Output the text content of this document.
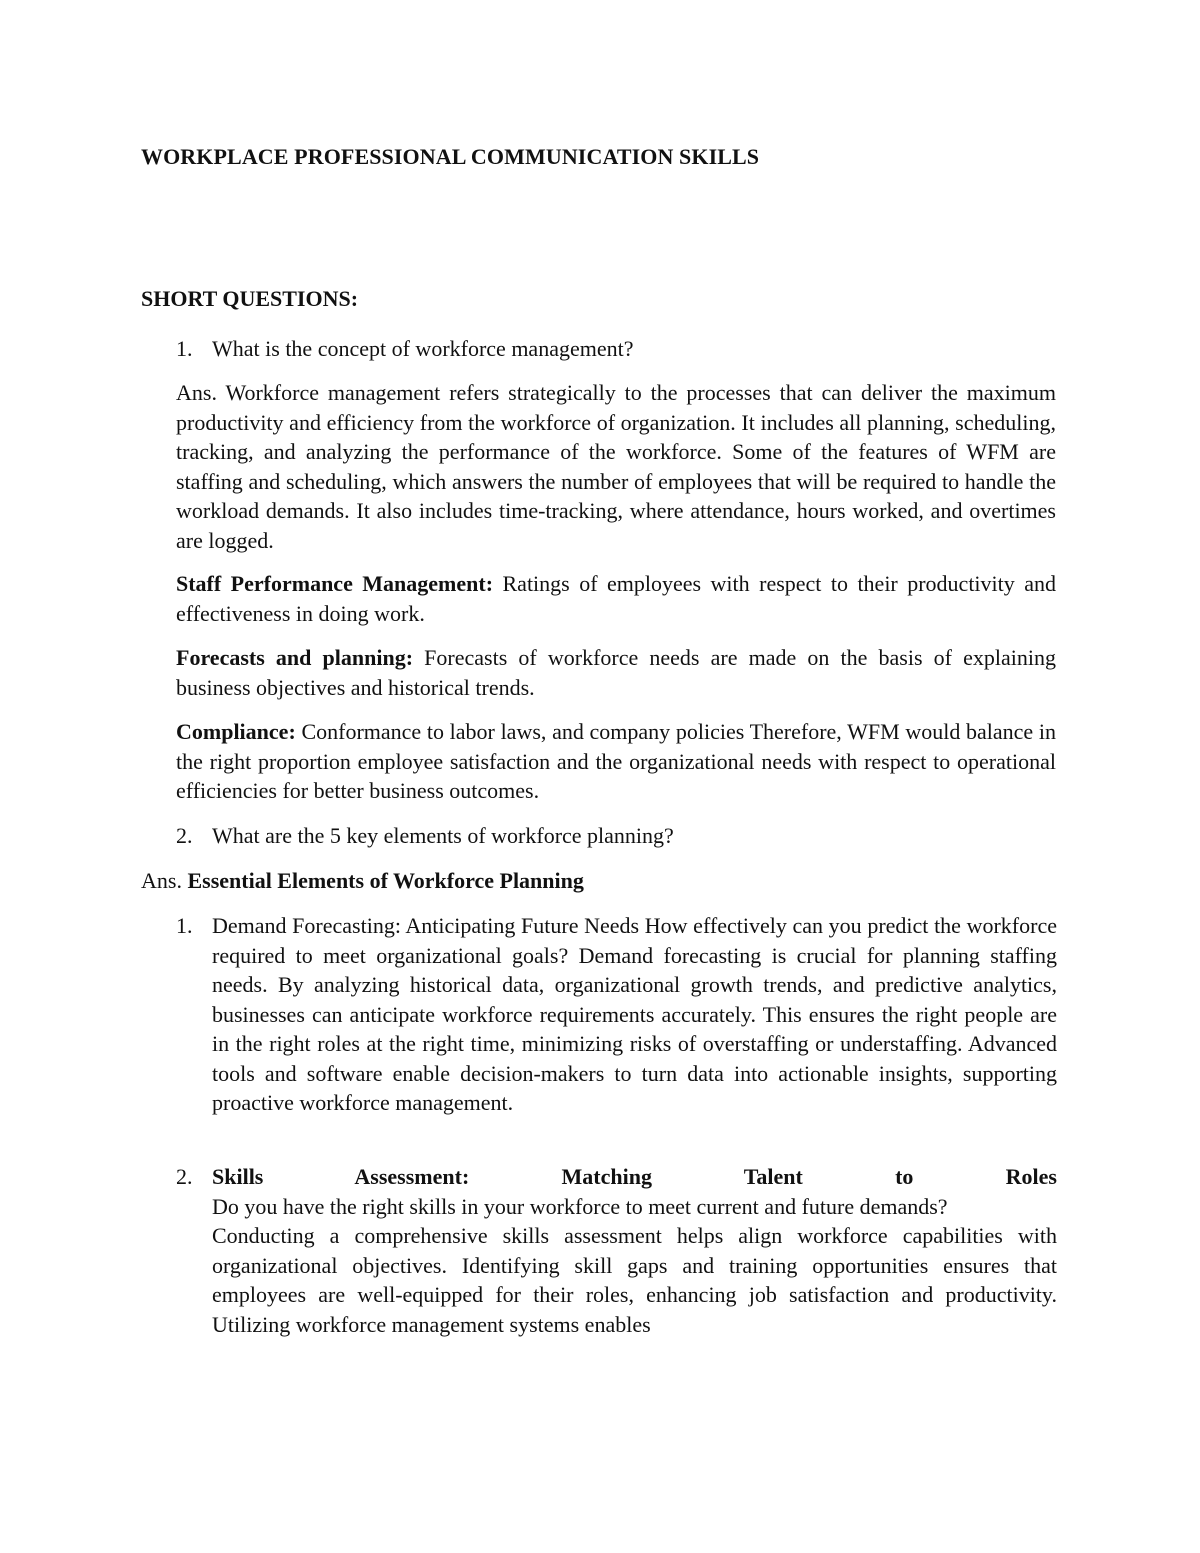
WORKPLACE PROFESSIONAL COMMUNICATION SKILLS
SHORT QUESTIONS:
1. What is the concept of workforce management?

Ans. Workforce management refers strategically to the processes that can deliver the maximum productivity and efficiency from the workforce of organization. It includes all planning, scheduling, tracking, and analyzing the performance of the workforce. Some of the features of WFM are staffing and scheduling, which answers the number of employees that will be required to handle the workload demands. It also includes time-tracking, where attendance, hours worked, and overtimes are logged.

Staff Performance Management: Ratings of employees with respect to their productivity and effectiveness in doing work.

Forecasts and planning: Forecasts of workforce needs are made on the basis of explaining business objectives and historical trends.

Compliance: Conformance to labor laws, and company policies Therefore, WFM would balance in the right proportion employee satisfaction and the organizational needs with respect to operational efficiencies for better business outcomes.

2. What are the 5 key elements of workforce planning?

Ans. Essential Elements of Workforce Planning

1. Demand Forecasting: Anticipating Future Needs How effectively can you predict the workforce required to meet organizational goals? Demand forecasting is crucial for planning staffing needs. By analyzing historical data, organizational growth trends, and predictive analytics, businesses can anticipate workforce requirements accurately. This ensures the right people are in the right roles at the right time, minimizing risks of overstaffing or understaffing. Advanced tools and software enable decision-makers to turn data into actionable insights, supporting proactive workforce management.

2. Skills Assessment: Matching Talent to Roles
Do you have the right skills in your workforce to meet current and future demands?
Conducting a comprehensive skills assessment helps align workforce capabilities with organizational objectives. Identifying skill gaps and training opportunities ensures that employees are well-equipped for their roles, enhancing job satisfaction and productivity. Utilizing workforce management systems enables
